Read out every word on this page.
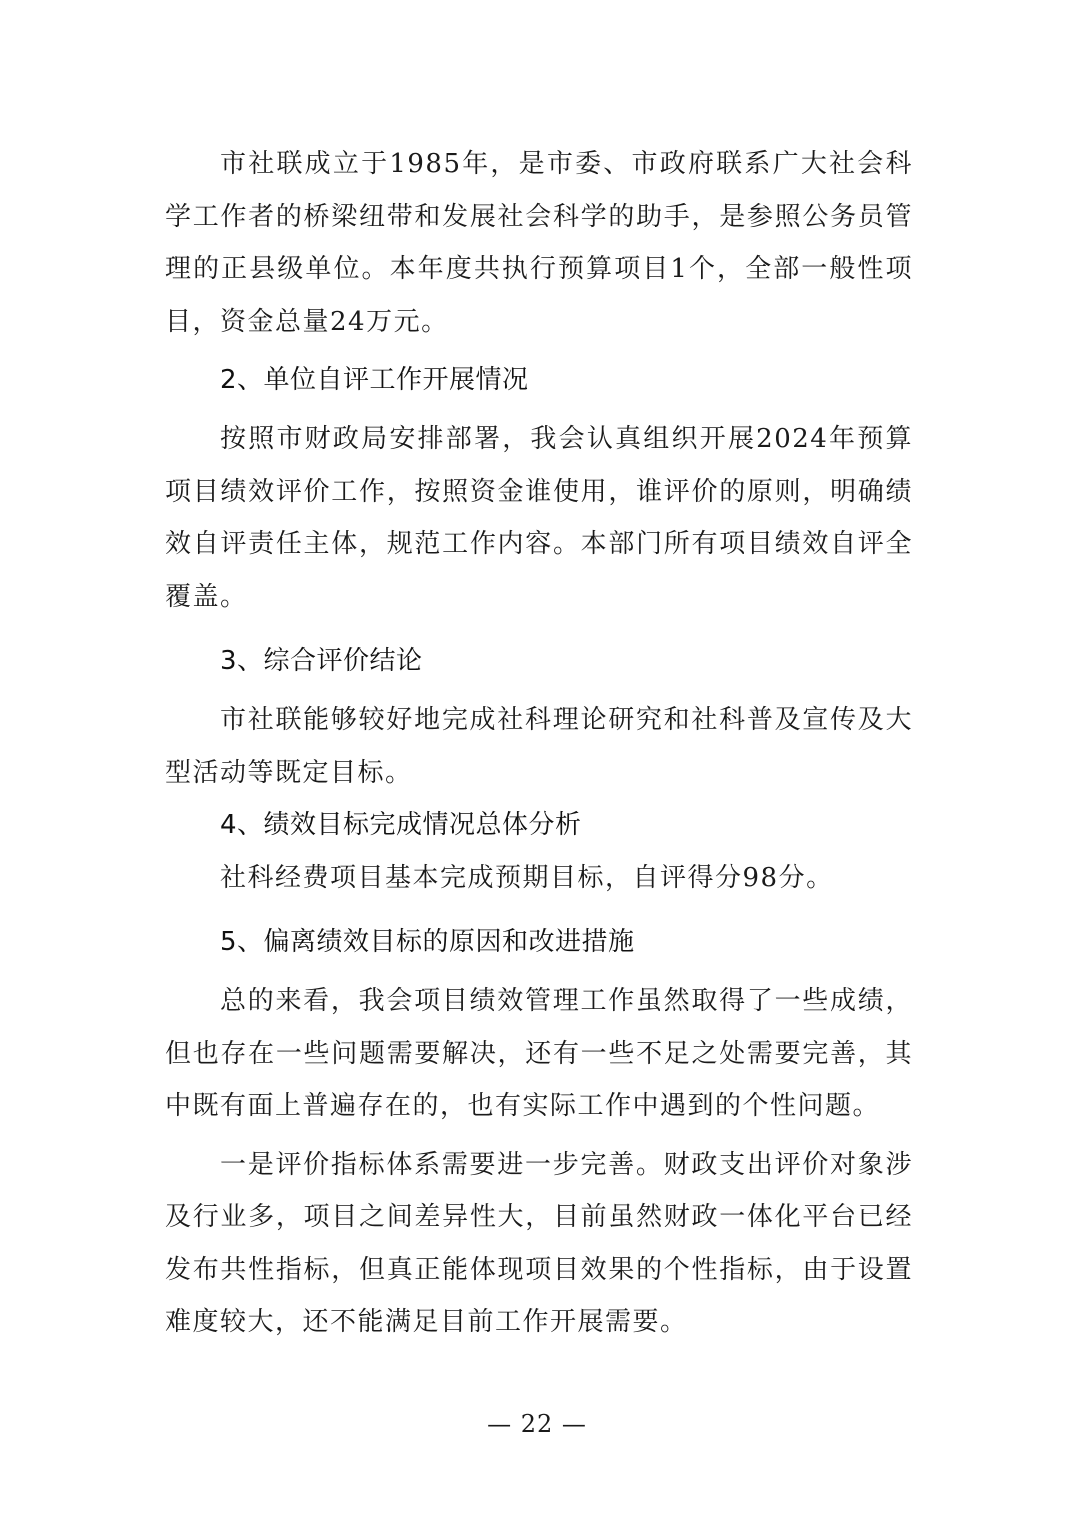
市社联成立于1985年，是市委、市政府联系广大社会科学工作者的桥梁纽带和发展社会科学的助手，是参照公务员管理的正县级单位。本年度共执行预算项目1个，全部一般性项目，资金总量24万元。

2、单位自评工作开展情况

按照市财政局安排部署，我会认真组织开展2024年预算项目绩效评价工作，按照资金谁使用，谁评价的原则，明确绩效自评责任主体，规范工作内容。本部门所有项目绩效自评全覆盖。

3、综合评价结论

市社联能够较好地完成社科理论研究和社科普及宣传及大型活动等既定目标。

4、绩效目标完成情况总体分析

社科经费项目基本完成预期目标，自评得分98分。

5、偏离绩效目标的原因和改进措施

总的来看，我会项目绩效管理工作虽然取得了一些成绩， 但也存在一些问题需要解决，还有一些不足之处需要完善，其中既有面上普遍存在的，也有实际工作中遇到的个性问题。

一是评价指标体系需要进一步完善。财政支出评价对象涉及行业多，项目之间差异性大，目前虽然财政一体化平台已经发布共性指标，但真正能体现项目效果的个性指标，由于设置难度较大，还不能满足目前工作开展需要。

— 22 —
